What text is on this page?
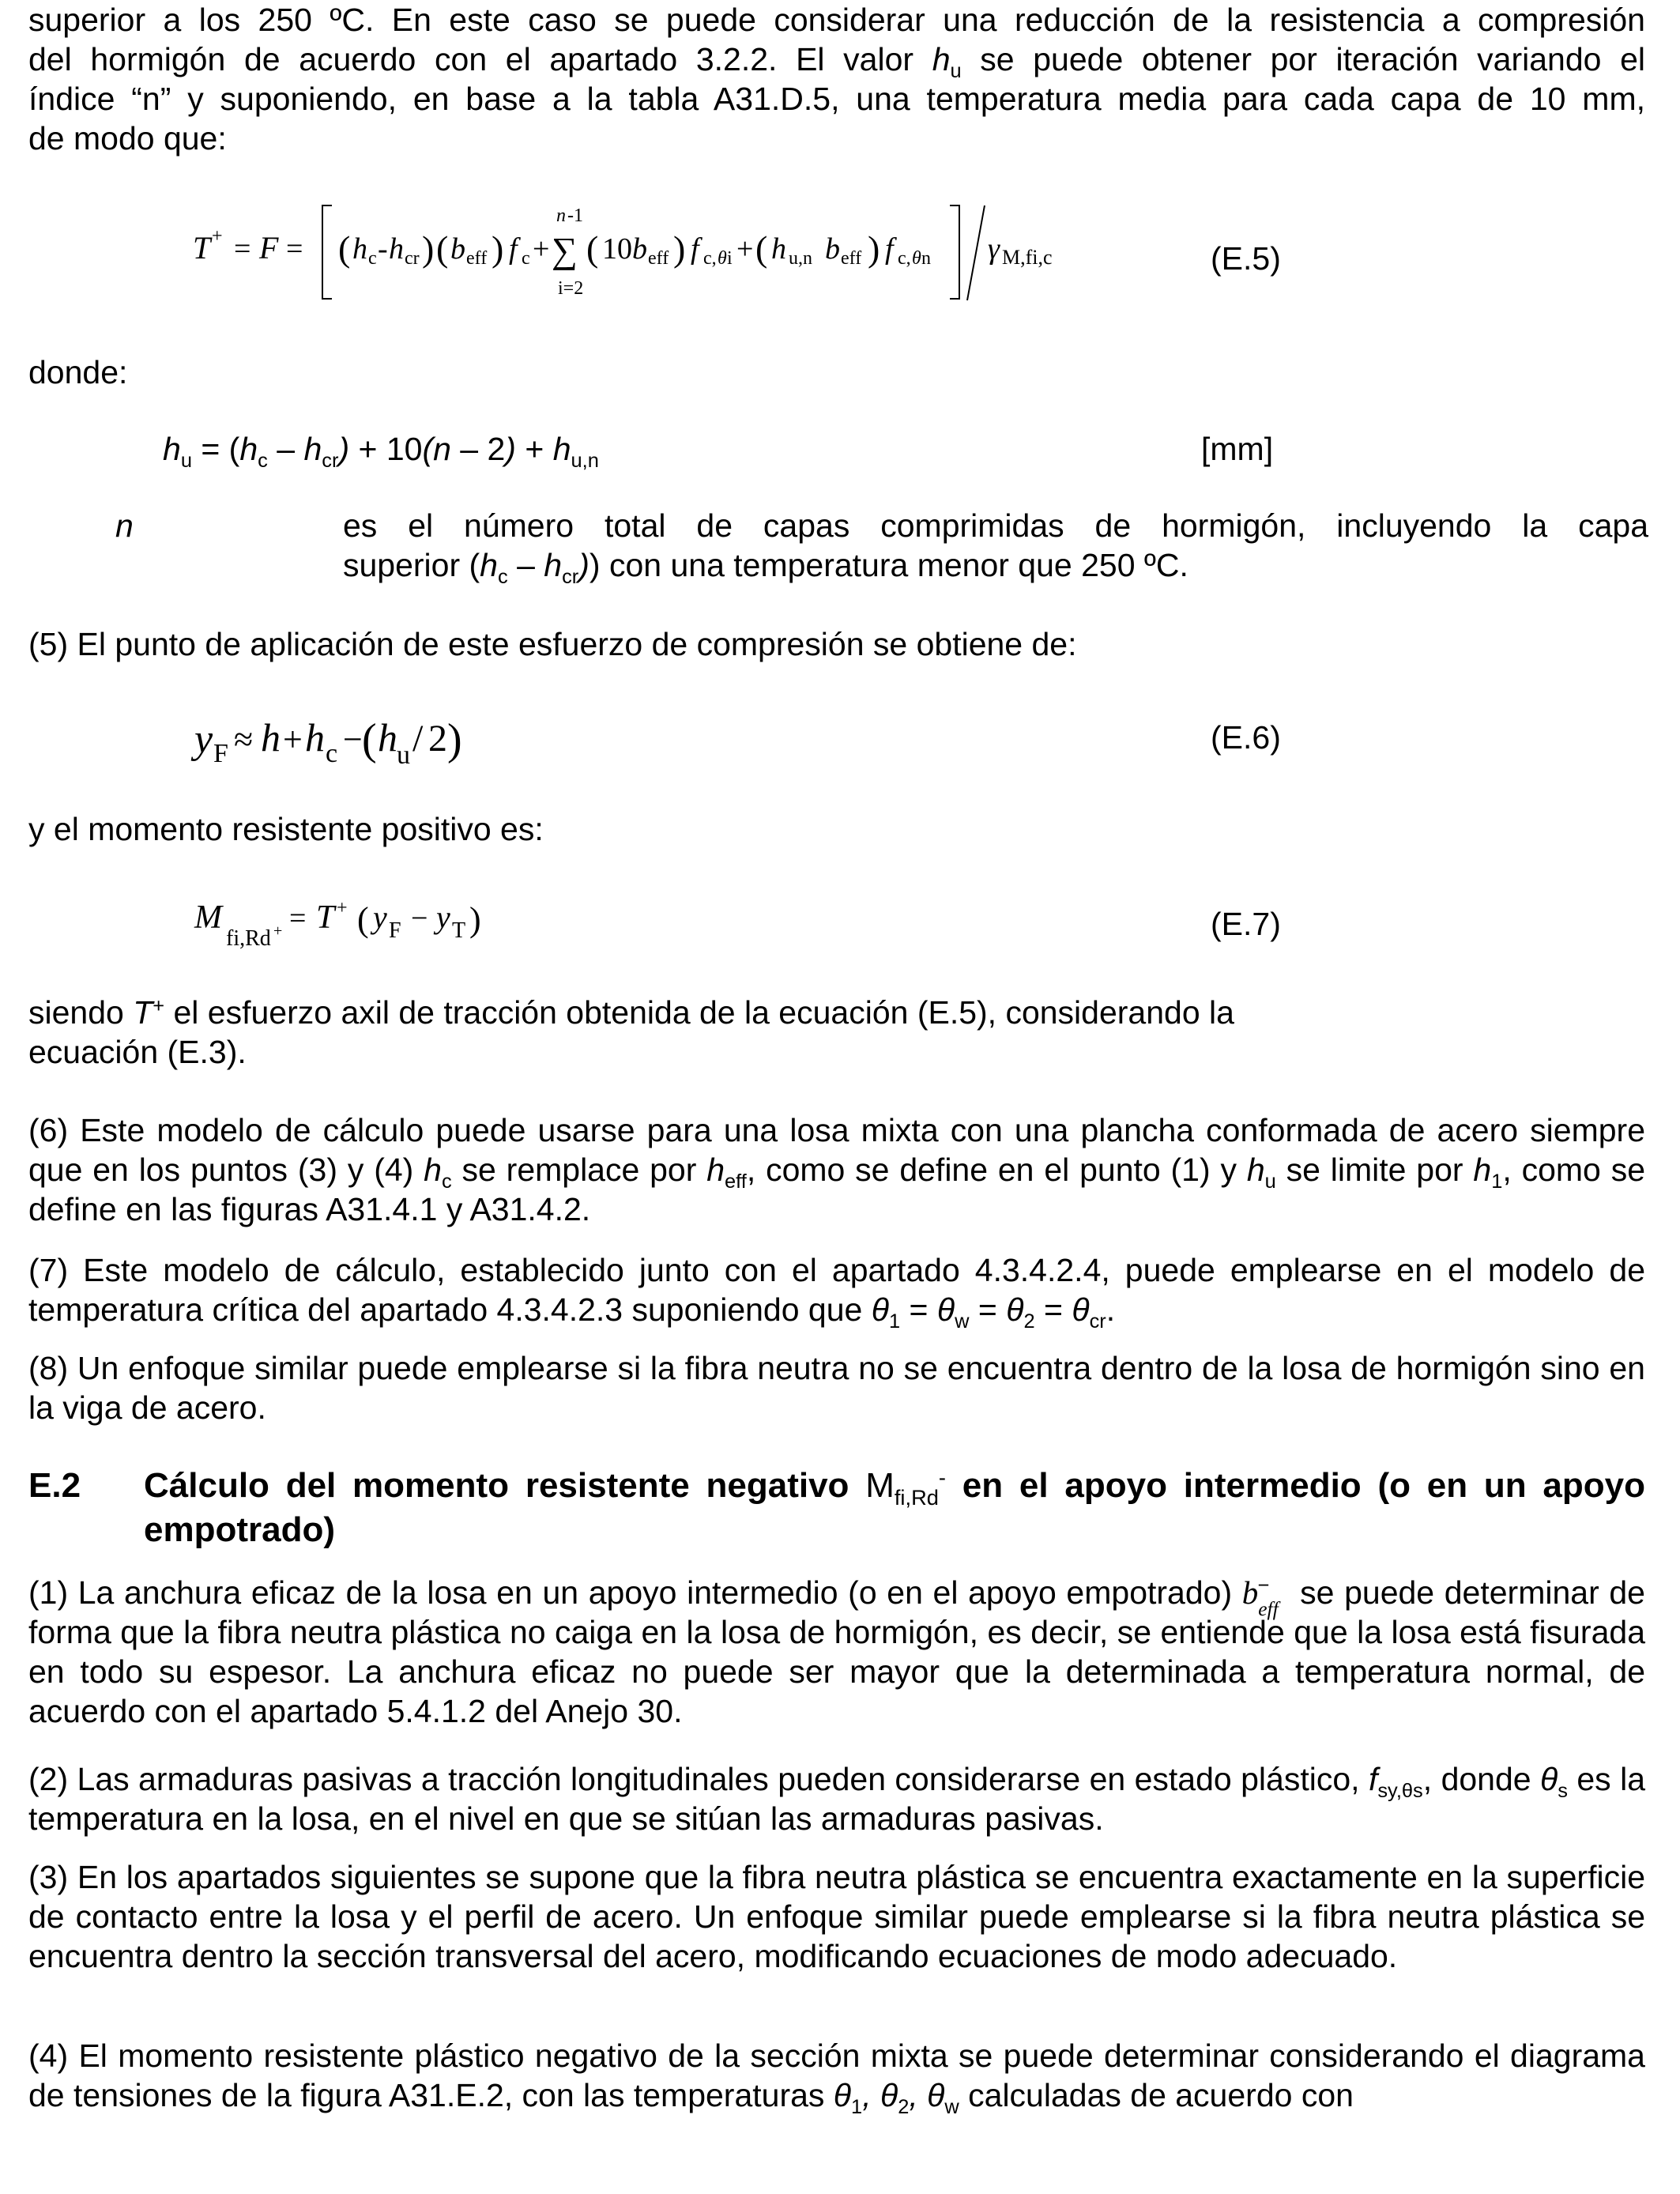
superior a los 250 ºC. En este caso se puede considerar una reducción de la resistencia a compresión

del hormigón de acuerdo con el apartado 3.2.2. El valor $h_u$ se puede obtener por iteración variando el

índice “n” y suponiendo, en base a la tabla A31.D.5, una temperatura media para cada capa de 10 mm,

de modo que:

T + = F = ( h c - h cr ) ( b eff ) f c + ∑
n -1
i=2
( 10 b eff ) f c, θ i + ( h u,n b eff ) f c, θ n γ M,fi,c	(E.5)
donde:
$h_u = (h_c - h_{cr}) + 10(n - 2) + h_{u,n}$	[mm]
n	es el número total de capas comprimidas de hormigón, incluyendo la capa

superior $(h_c - h_{cr})$) con una temperatura menor que 250 ºC.

(5) El punto de aplicación de este esfuerzo de compresión se obtiene de:
y F ≈ h + h c − ( h u / 2 )	(E.6)
y el momento resistente positivo es:
M
fi,Rd + = T + ( y F − y T )	(E.7)

siendo T+ el esfuerzo axil de tracción obtenida de la ecuación (E.5), considerando la

ecuación (E.3).

(6) Este modelo de cálculo puede usarse para una losa mixta con una plancha conformada de acero siempre que en los puntos (3) y (4) $h_c$ se remplace por $h_{eff}$, como se define en el punto (1) y $h_u$ se limite por $h_1$, como se define en las figuras A31.4.1 y A31.4.2.

(7) Este modelo de cálculo, establecido junto con el apartado 4.3.4.2.4, puede emplearse en el modelo de temperatura crítica del apartado 4.3.4.2.3 suponiendo que $\theta_1 = \theta_w = \theta_2 = \theta_{cr}$.

(8) Un enfoque similar puede emplearse si la fibra neutra no se encuentra dentro de la losa de hormigón sino en la viga de acero.

E.2 Cálculo del momento resistente negativo $M_{fi,Rd}^-$ en el apoyo intermedio (o en un apoyo empotrado)

(1) La anchura eficaz de la losa en un apoyo intermedio (o en el apoyo empotrado) $b_{eff}^-$ se puede determinar de forma que la fibra neutra plástica no caiga en la losa de hormigón, es decir, se entiende que la losa está fisurada en todo su espesor. La anchura eficaz no puede ser mayor que la determinada a temperatura normal, de acuerdo con el apartado 5.4.1.2 del Anejo 30.

(2) Las armaduras pasivas a tracción longitudinales pueden considerarse en estado plástico, $f_{sy,\theta s}$, donde $\theta_s$ es la temperatura en la losa, en el nivel en que se sitúan las armaduras pasivas.

(3) En los apartados siguientes se supone que la fibra neutra plástica se encuentra exactamente en la superficie de contacto entre la losa y el perfil de acero. Un enfoque similar puede emplearse si la fibra neutra plástica se encuentra dentro la sección transversal del acero, modificando ecuaciones de modo adecuado.

(4) El momento resistente plástico negativo de la sección mixta se puede determinar considerando el diagrama de tensiones de la figura A31.E.2, con las temperaturas $\theta_1$, $\theta_2$, $\theta_w$ calculadas de acuerdo con
